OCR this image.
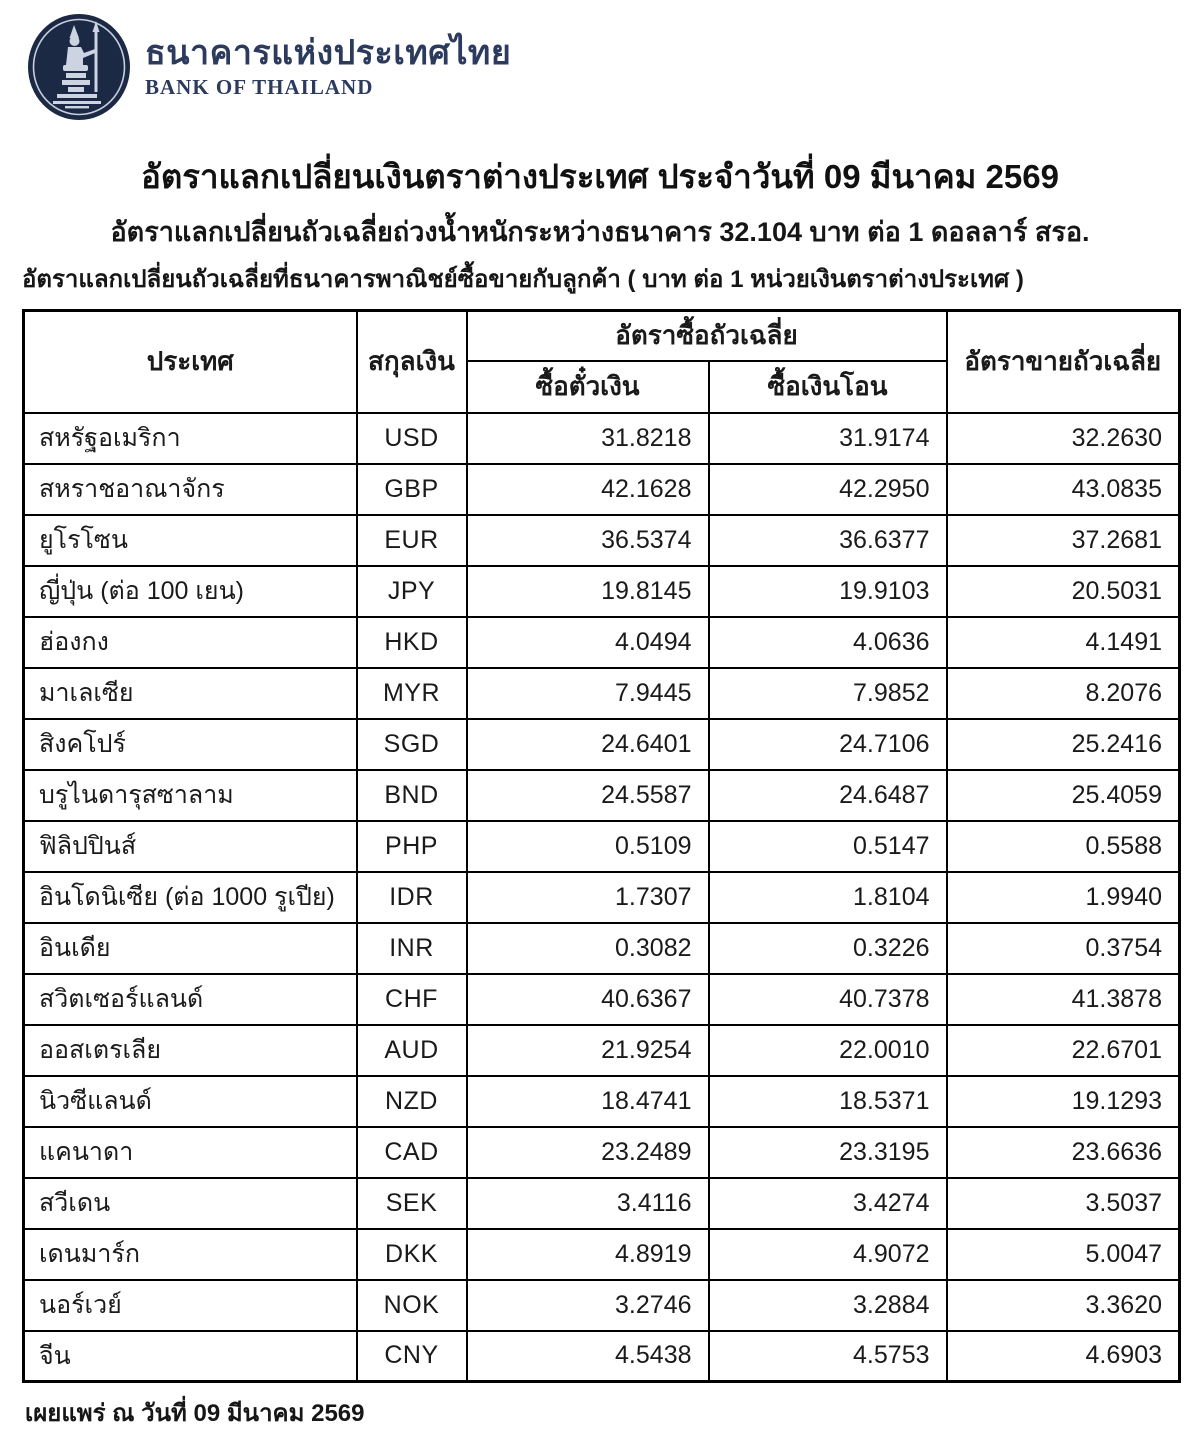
ธนาคารแห่งประเทศไทย
BANK OF THAILAND
อัตราแลกเปลี่ยนเงินตราต่างประเทศ ประจำวันที่ 09 มีนาคม 2569
อัตราแลกเปลี่ยนถัวเฉลี่ยถ่วงน้ำหนักระหว่างธนาคาร 32.104 บาท ต่อ 1 ดอลลาร์ สรอ.
อัตราแลกเปลี่ยนถัวเฉลี่ยที่ธนาคารพาณิชย์ซื้อขายกับลูกค้า ( บาท ต่อ 1 หน่วยเงินตราต่างประเทศ )
ประเทศ	สกุลเงิน	อัตราซื้อถัวเฉลี่ย		อัตราขายถัวเฉลี่ย
		ซื้อตั๋วเงิน	ซื้อเงินโอน	
สหรัฐอเมริกา	USD	31.8218	31.9174	32.2630
สหราชอาณาจักร	GBP	42.1628	42.2950	43.0835
ยูโรโซน	EUR	36.5374	36.6377	37.2681
ญี่ปุ่น (ต่อ 100 เยน)	JPY	19.8145	19.9103	20.5031
ฮ่องกง	HKD	4.0494	4.0636	4.1491
มาเลเซีย	MYR	7.9445	7.9852	8.2076
สิงคโปร์	SGD	24.6401	24.7106	25.2416
บรูไนดารุสซาลาม	BND	24.5587	24.6487	25.4059
ฟิลิปปินส์	PHP	0.5109	0.5147	0.5588
อินโดนิเซีย (ต่อ 1000 รูเปีย)	IDR	1.7307	1.8104	1.9940
อินเดีย	INR	0.3082	0.3226	0.3754
สวิตเซอร์แลนด์	CHF	40.6367	40.7378	41.3878
ออสเตรเลีย	AUD	21.9254	22.0010	22.6701
นิวซีแลนด์	NZD	18.4741	18.5371	19.1293
แคนาดา	CAD	23.2489	23.3195	23.6636
สวีเดน	SEK	3.4116	3.4274	3.5037
เดนมาร์ก	DKK	4.8919	4.9072	5.0047
นอร์เวย์	NOK	3.2746	3.2884	3.3620
จีน	CNY	4.5438	4.5753	4.6903
เผยแพร่ ณ วันที่ 09 มีนาคม 2569
